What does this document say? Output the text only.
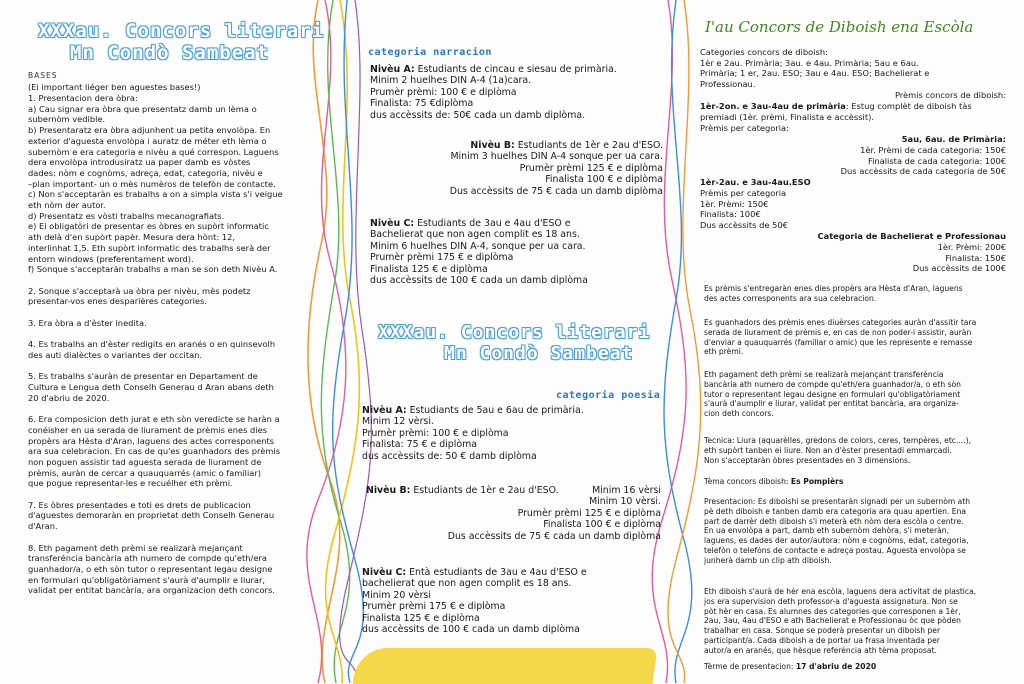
XXXau. Concors literari
Mn Condò Sambeat
BASES
(Ei important liéger ben aguestes bases!)
1. Presentacion dera òbra:
a) Cau signar era òbra que presentatz damb un lèma o
subernòm vedible.
b) Presentaratz era òbra adjunhent ua petita envolòpa. En
exterior d'aguesta envolòpa i auratz de méter eth lèma o
subernòm e era categoria e nivèu a qué correspon. Laguens
dera envolòpa introdusiratz ua paper damb es vòstes
dades: nòm e cognòms, adreça, edat, categoria, nivèu e
–plan important- un o mès numèros de telefòn de contacte.
c) Non s'acceptaràn es trabalhs a on a simpla vista s'i veigue
eth nòm der autor.
d) Presentatz es vòsti trabalhs mecanografiats.
e) Ei obligatòri de presentar es òbres en supòrt informatic
ath delà d'en supòrt papèr. Mesura dera hònt: 12,
interlinhat 1,5. Eth supòrt informatic des trabalhs serà der
entorn windows (preferentament word).
f) Sonque s'acceptaràn trabalhs a man se son deth Nivèu A.

2. Sonque s'acceptarà ua òbra per nivèu, mès podetz
presentar-vos enes desparières categories.

3. Era òbra a d'èster inedita.

4. Es trabalhs an d'èster redigits en aranés o en quinsevolh
des auti dialèctes o variantes der occitan.

5. Es trabalhs s'auràn de presentar en Departament de
Cultura e Lengua deth Conselh Generau d Aran abans deth
20 d'abriu de 2020.

6. Era composicion deth jurat e eth sòn veredicte se haràn a
conéisher en ua serada de liurament de prèmis enes dies
propèrs ara Hèsta d'Aran, laguens des actes corresponents
ara sua celebracion. En cas de qu'es guanhadors des prèmis
non poguen assistir tad aguesta serada de liurament de
prèmis, auràn de cercar a quauquarrés (amic o familiar)
que pogue representar-les e recuélher eth prèmi.

7. Es òbres presentades e toti es drets de publicacion
d'aguestes demoraràn en proprietat deth Conselh Generau
d'Aran.

8. Eth pagament deth prèmi se realizarà mejançant
transferéncia bancària ath numero de compde qu'eth/era
guanhador/a, o eth sòn tutor o representant legau designe
en formulari qu'obligatòriament s'aurà d'aumplir e liurar,
validat per entitat bancària, ara organizacion deth concors.
categoria narracion
Nivèu A: Estudiants de cincau e siesau de primària.
Minim 2 huelhes DIN A-4 (1a)cara.
Prumèr prèmi: 100 € e diplòma
Finalista: 75 €diplòma
dus accèssits de: 50€ cada un damb diplòma.
Nivèu B: Estudiants de 1èr e 2au d'ESO.
Minim 3 huelhes DIN A-4 sonque per ua cara.
Prumèr prèmi 125 € e diplòma
Finalista 100 € e diplòma
Dus accèssits de 75 € cada un damb diplòma
Nivèu C: Estudiants de 3au e 4au d'ESO e
Bachelierat que non agen complit es 18 ans.
Minim 6 huelhes DIN A-4, sonque per ua cara.
Prumèr prèmi 175 € e diplòma
Finalista 125 € e diplòma
dus accèssits de 100 € cada un damb diplòma
XXXau. Concors literari
Mn Condò Sambeat
categoria poesia
Nivèu A: Estudiants de 5au e 6au de primària.
Minim 12 vèrsi.
Prumèr prèmi: 100 € e diplòma
Finalista: 75 € e diplòma
dus accèssits de: 50 € damb diplòma
Nivèu B: Estudiants de 1èr e 2au d'ESO.	Minim 16 vèrsi
Minim 10 vèrsi.
Prumèr prèmi 125 € e diplòma
Finalista 100 € e diplòma
Dus accèssits de 75 € cada un damb diplòma
Nivèu C: Entà estudiants de 3au e 4au d'ESO e
bachelierat que non agen complit es 18 ans.
Minim 20 vèrsi
Prumèr prèmi 175 € e diplòma
Finalista 125 € e diplòma
dus accèssits de 100 € cada un damb diplòma
I'au Concors de Diboish ena Escòla
Categories concors de diboish:
1èr e 2au. Primària; 3au. e 4au. Primària; 5au e 6au.
Primària; 1 er, 2au. ESO; 3au e 4au. ESO; Bachelierat e
Professionau.
Prèmis concors de diboish:
1èr-2on. e 3au-4au de primària: Estug complèt de diboish tàs
premiadi (1èr. prèmi, Finalista e accèssit).
Prèmis per categoria:
5au, 6au. de Primària:
1èr. Prèmi de cada categoria: 150€
Finalista de cada categoria: 100€
Dus accèssits de cada categoria de 50€
1èr-2au. e 3au-4au.ESO
Prèmis per categoria
1èr. Prèmi: 150€
Finalista: 100€
Dus accèssits de 50€
Categoria de Bachelierat e Professionau
1èr. Prèmi: 200€
Finalista: 150€
Dus accèssits de 100€
Es prèmis s'entregaràn enes dies propèrs ara Hèsta d'Aran, laguens
des actes corresponents ara sua celebracion.
Es guanhadors des prèmis enes diuèrses categories auràn d'assitir tara
serada de liurament de prèmis e, en cas de non poder-i assistir, auràn
d'enviar a quauquarrés (familiar o amic) que les represente e remasse
eth prèmi.
Eth pagament deth prèmi se realizarà mejançant transferéncia
bancària ath numero de compde qu'eth/era guanhador/a, o eth sòn
tutor o representant legau designe en formulari qu'obligatòriament
s'aurà d'aumplir e liurar, validat per entitat bancària, ara organiza-
cion deth concors.
Tecnica: Liura (aquarèlles, gredons de colors, ceres, tempères, etc....),
eth supòrt tanben ei liure. Non an d'èster presentadi emmarcadi.
Non s'acceptaràn òbres presentades en 3 dimensions.
Tèma concors diboish: Es Pompièrs
Presentacion: Es diboishi se presentaràn signadi per un subernòm ath
pè deth diboish e tanben damb era categoria ara quau apertien. Ena
part de darrèr deth diboish s'i meterà eth nòm dera escòla o centre.
En ua envolòpa a part, damb eth subernòm dehòra, s'i meteràn,
laguens, es dades der autor/autora: nòm e cognòms, edat, categoria,
telefòn o telefòns de contacte e adreça postau. Aguesta envolòpa se
junherà damb un clip ath diboish.
Eth diboish s'aurà de hèr ena escòla, laguens dera activitat de plastica,
jos era supervision deth professor-a d'aguesta assignatura. Non se
pòt hèr en casa. Es alumnes des categories que corresponen a 1èr,
2au, 3au, 4au d'ESO e ath Bachelierat e Professionau òc que pòden
trabalhar en casa. Sonque se poderà presentar un diboish per
participant/a. Cada diboish a de portar ua frasa inventada per
autor/a en aranés, que hèsque referéncia ath tèma proposat.
Tèrme de presentacion: 17 d'abriu de 2020
